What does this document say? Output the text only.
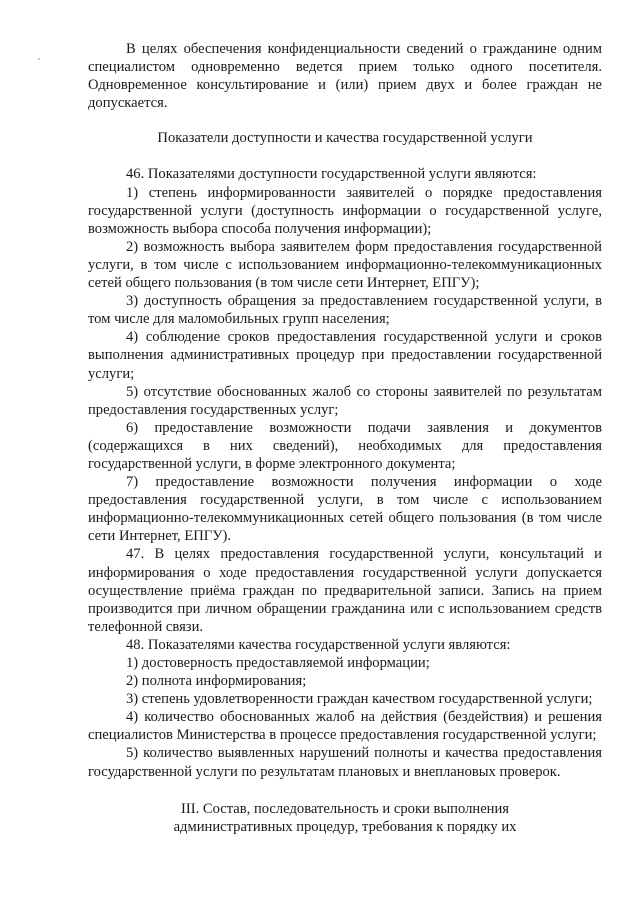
В целях обеспечения конфиденциальности сведений о гражданине одним специалистом одновременно ведется прием только одного посетителя. Одновременное консультирование и (или) прием двух и более граждан не допускается.

Показатели доступности и качества государственной услуги

46. Показателями доступности государственной услуги являются:

1) степень информированности заявителей о порядке предоставления государственной услуги (доступность информации о государственной услуге, возможность выбора способа получения информации);

2) возможность выбора заявителем форм предоставления государственной услуги, в том числе с использованием информационно-телекоммуникационных сетей общего пользования (в том числе сети Интернет, ЕПГУ);

3) доступность обращения за предоставлением государственной услуги, в том числе для маломобильных групп населения;

4) соблюдение сроков предоставления государственной услуги и сроков выполнения административных процедур при предоставлении государственной услуги;

5) отсутствие обоснованных жалоб со стороны заявителей по результатам предоставления государственных услуг;

6) предоставление возможности подачи заявления и документов (содержащихся в них сведений), необходимых для предоставления государственной услуги, в форме электронного документа;

7) предоставление возможности получения информации о ходе предоставления государственной услуги, в том числе с использованием информационно-телекоммуникационных сетей общего пользования (в том числе сети Интернет, ЕПГУ).

47. В целях предоставления государственной услуги, консультаций и информирования о ходе предоставления государственной услуги допускается осуществление приёма граждан по предварительной записи. Запись на прием производится при личном обращении гражданина или с использованием средств телефонной связи.

48. Показателями качества государственной услуги являются:

1) достоверность предоставляемой информации;

2) полнота информирования;

3) степень удовлетворенности граждан качеством государственной услуги;

4) количество обоснованных жалоб на действия (бездействия) и решения специалистов Министерства в процессе предоставления государственной услуги;

5) количество выявленных нарушений полноты и качества предоставления государственной услуги по результатам плановых и внеплановых проверок.

III. Состав, последовательность и сроки выполнения

административных процедур, требования к порядку их
